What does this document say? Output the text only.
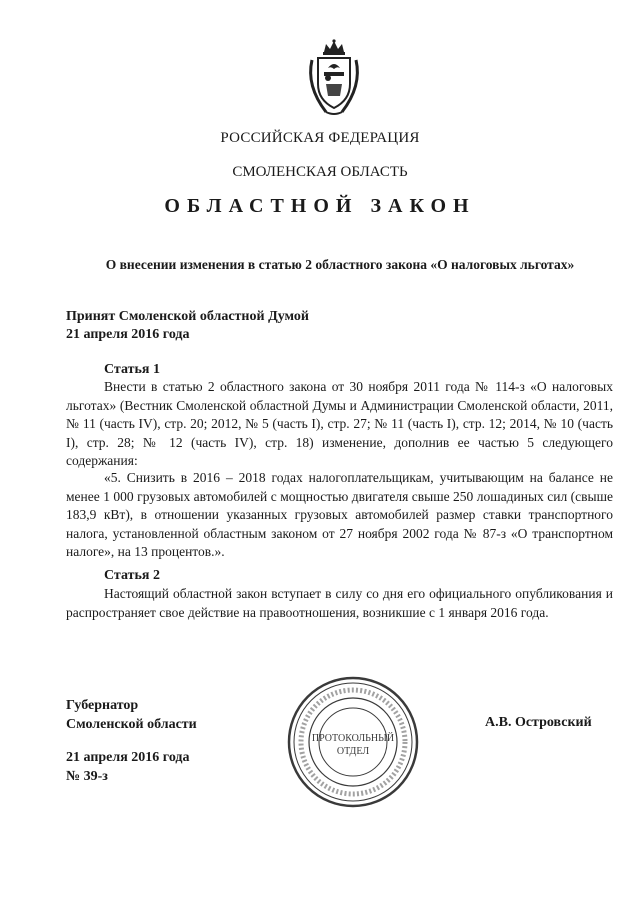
РОССИЙСКАЯ ФЕДЕРАЦИЯ
СМОЛЕНСКАЯ ОБЛАСТЬ
ОБЛАСТНОЙ ЗАКОН
О внесении изменения в статью 2 областного закона «О налоговых льготах»
Принят Смоленской областной Думой
21 апреля 2016 года
Статья 1

Внести в статью 2 областного закона от 30 ноября 2011 года № 114-з «О налоговых льготах» (Вестник Смоленской областной Думы и Администрации Смоленской области, 2011, № 11 (часть IV), стр. 20; 2012, № 5 (часть I), стр. 27; № 11 (часть I), стр. 12; 2014, № 10 (часть I), стр. 28; № 12 (часть IV), стр. 18) изменение, дополнив ее частью 5 следующего содержания:

«5. Снизить в 2016 – 2018 годах налогоплательщикам, учитывающим на балансе не менее 1 000 грузовых автомобилей с мощностью двигателя свыше 250 лошадиных сил (свыше 183,9 кВт), в отношении указанных грузовых автомобилей размер ставки транспортного налога, установленной областным законом от 27 ноября 2002 года № 87-з «О транспортном налоге», на 13 процентов.».

Статья 2

Настоящий областной закон вступает в силу со дня его официального опубликования и распространяет свое действие на правоотношения, возникшие с 1 января 2016 года.

Губернатор
Смоленской области
21 апреля 2016 года
№ 39-з
А.В. Островский
ПРОТОКОЛЬНЫЙ
ОТДЕЛ
